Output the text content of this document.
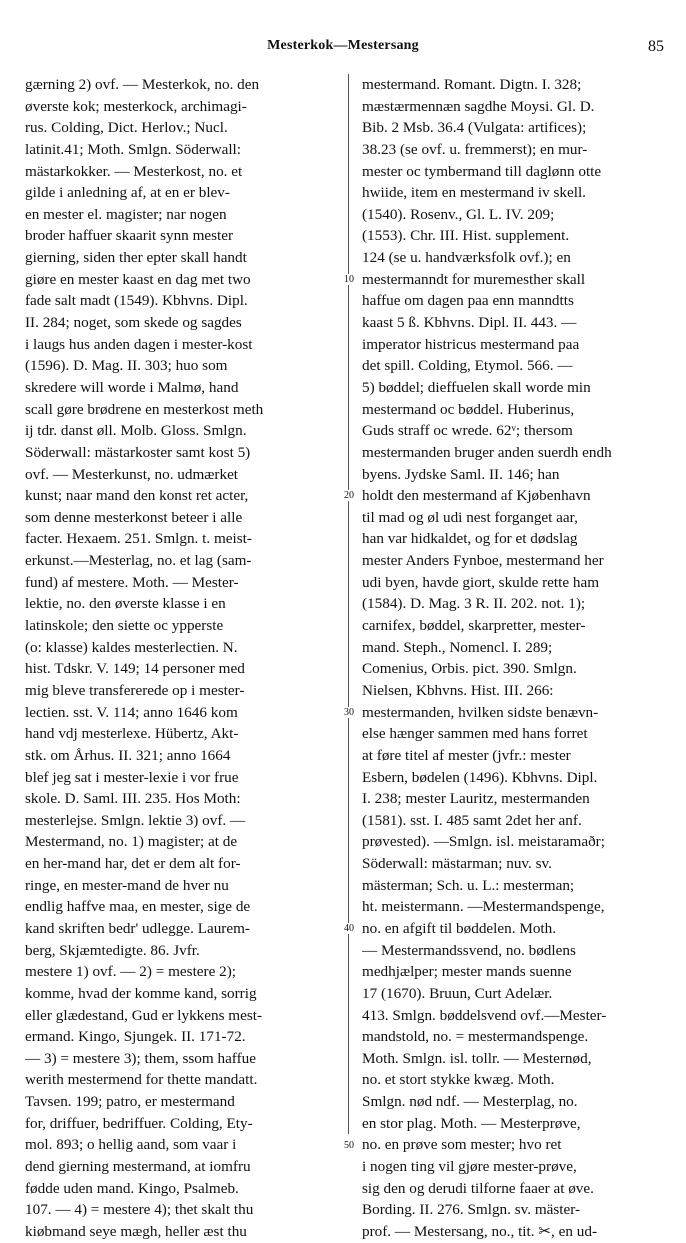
Mesterkok—Mestersang	85
gærning 2) ovf. — Mesterkok, no. den
øverste kok; mesterkock, archimagi-
rus. Colding, Dict. Herlov.; Nucl.
latinit.41; Moth. Smlgn. Söderwall:
mästarkokker. — Mesterkost, no. et
gilde i anledning af, at en er blev-
en mester el. magister; nar nogen
broder haffuer skaarit synn mester
gierning, siden ther epter skall handt
giøre en mester kaast en dag met two
fade salt madt (1549). Kbhvns. Dipl.
II. 284; noget, som skede og sagdes
i laugs hus anden dagen i mester-kost
(1596). D. Mag. II. 303; huo som
skredere will worde i Malmø, hand
scall gøre brødrene en mesterkost meth
ij tdr. danst øll. Molb. Gloss. Smlgn.
Söderwall: mästarkoster samt kost 5)
ovf. — Mesterkunst, no. udmærket
kunst; naar mand den konst ret acter,
som denne mesterkonst beteer i alle
facter. Hexaem. 251. Smlgn. t. meist-
erkunst.—Mesterlag, no. et lag (sam-
fund) af mestere. Moth. — Mester-
lektie, no. den øverste klasse i en
latinskole; den siette oc ypperste
(o: klasse) kaldes mesterlectien. N.
hist. Tdskr. V. 149; 14 personer med
mig bleve transfererede op i mester-
lectien. sst. V. 114; anno 1646 kom
hand vdj mesterlexe. Hübertz, Akt-
stk. om Århus. II. 321; anno 1664
blef jeg sat i mester-lexie i vor frue
skole. D. Saml. III. 235. Hos Moth:
mesterlejse. Smlgn. lektie 3) ovf. —
Mestermand, no. 1) magister; at de
en her-mand har, det er dem alt for-
ringe, en mester-mand de hver nu
endlig haffve maa, en mester, sige de
kand skriften bedr' udlegge. Laurem-
berg, Skjæmtedigte. 86. Jvfr.
mestere 1) ovf. — 2) = mestere 2);
komme, hvad der komme kand, sorrig
eller glædestand, Gud er lykkens mest-
ermand. Kingo, Sjungek. II. 171-72.
— 3) = mestere 3); them, ssom haffue
werith mestermend for thette mandatt.
Tavsen. 199; patro, er mestermand
for, driffuer, bedriffuer. Colding, Ety-
mol. 893; o hellig aand, som vaar i
dend gierning mestermand, at iomfru
fødde uden mand. Kingo, Psalmeb.
107. — 4) = mestere 4); thet skalt thu
kiøbmand seye mægh, heller æst thu
mestermand. Romant. Digtn. I. 328;
mæstærmennæn sagdhe Moysi. Gl. D.
Bib. 2 Msb. 36.4 (Vulgata: artifices);
38.23 (se ovf. u. fremmerst); en mur-
mester oc tymbermand till daglønn otte
hwiide, item en mestermand iv skell.
(1540). Rosenv., Gl. L. IV. 209;
(1553). Chr. III. Hist. supplement.
124 (se u. handværksfolk ovf.); en
mestermanndt for muremesther skall
haffue om dagen paa enn manndtts
kaast 5 ß. Kbhvns. Dipl. II. 443. —
imperator histricus mestermand paa
det spill. Colding, Etymol. 566. —
5) bøddel; dieffuelen skall worde min
mestermand oc bøddel. Huberinus,
Guds straff oc wrede. 62ᵛ; thersom
mestermanden bruger anden suerdh endh
byens. Jydske Saml. II. 146; han
holdt den mestermand af Kjøbenhavn
til mad og øl udi nest forganget aar,
han var hidkaldet, og for et dødslag
mester Anders Fynboe, mestermand her
udi byen, havde giort, skulde rette ham
(1584). D. Mag. 3 R. II. 202. not. 1);
carnifex, bøddel, skarpretter, mester-
mand. Steph., Nomencl. I. 289;
Comenius, Orbis. pict. 390. Smlgn.
Nielsen, Kbhvns. Hist. III. 266:
mestermanden, hvilken sidste benævn-
else hænger sammen med hans forret
at føre titel af mester (jvfr.: mester
Esbern, bødelen (1496). Kbhvns. Dipl.
I. 238; mester Lauritz, mestermanden
(1581). sst. I. 485 samt 2det her anf.
prøvested). —Smlgn. isl. meistaramaðr;
Söderwall: mästarman; nuv. sv.
mästerman; Sch. u. L.: mesterman;
ht. meistermann. —Mestermandspenge,
no. en afgift til bøddelen. Moth.
— Mestermandssvend, no. bødlens
medhjælper; mester mands suenne
17 (1670). Bruun, Curt Adelær.
413. Smlgn. bøddelsvend ovf.—Mester-
mandstold, no. = mestermandspenge.
Moth. Smlgn. isl. tollr. — Mesternød,
no. et stort stykke kwæg. Moth.
Smlgn. nød ndf. — Mesterplag, no.
en stor plag. Moth. — Mesterprøve,
no. en prøve som mester; hvo ret
i nogen ting vil gjøre mester-prøve,
sig den og derudi tilforne faaer at øve.
Bording. II. 276. Smlgn. sv. mäster-
prof. — Mestersang, no., tit. ✂, en ud-
10
20
30
40
50
